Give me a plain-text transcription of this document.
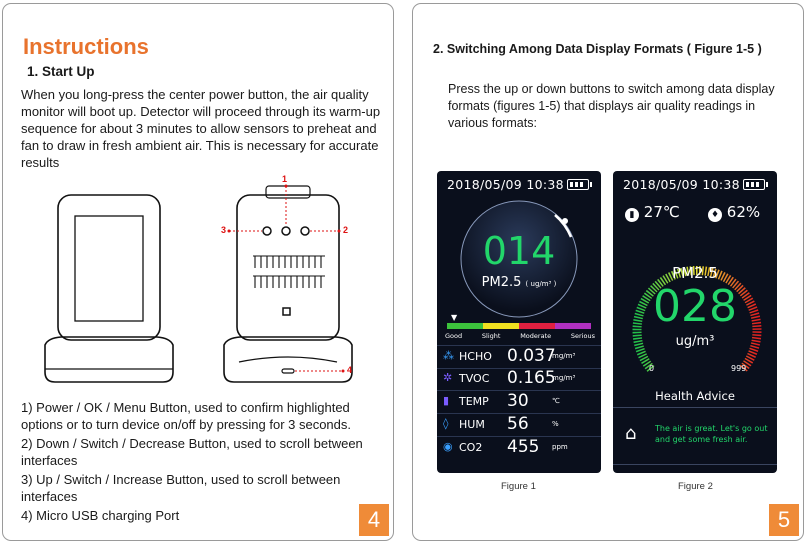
Instructions
1. Start Up
When you long-press the center power button, the air quality monitor will boot up. Detector will proceed through its warm-up sequence for about 3 minutes to allow sensors to preheat and fan to draw in fresh ambient air. This is necessary for accurate results
1
3	2
4
1) Power / OK / Menu Button, used to confirm highlighted options or to turn device on/off by pressing for 3 seconds.
2) Down / Switch / Decrease Button, used to scroll between interfaces
3) Up / Switch / Increase Button, used to scroll between interfaces
4) Micro USB charging Port	4
2. Switching Among Data Display Formats ( Figure 1-5 )
Press the up or down buttons to switch among data display formats (figures 1-5) that displays air quality readings in various formats:
2018/05/09 10:38
014
PM2.5 ( ug/m³ )
▼
Good	Slight	Moderate	Serious
⁂ HCHO 0.037
mg/m³
✲ TVOC 0.165
mg/m³
▮ TEMP 30	℃
◊ HUM 56	%
◉ CO2 455 ppm
Figure 1
2018/05/09 10:38
▮ 27℃	♦ 62%
PM2.5
028
ug/m³
0	999
Health Advice
⌂ The air is great. Let's go out and get some fresh air.
Figure 2
5
